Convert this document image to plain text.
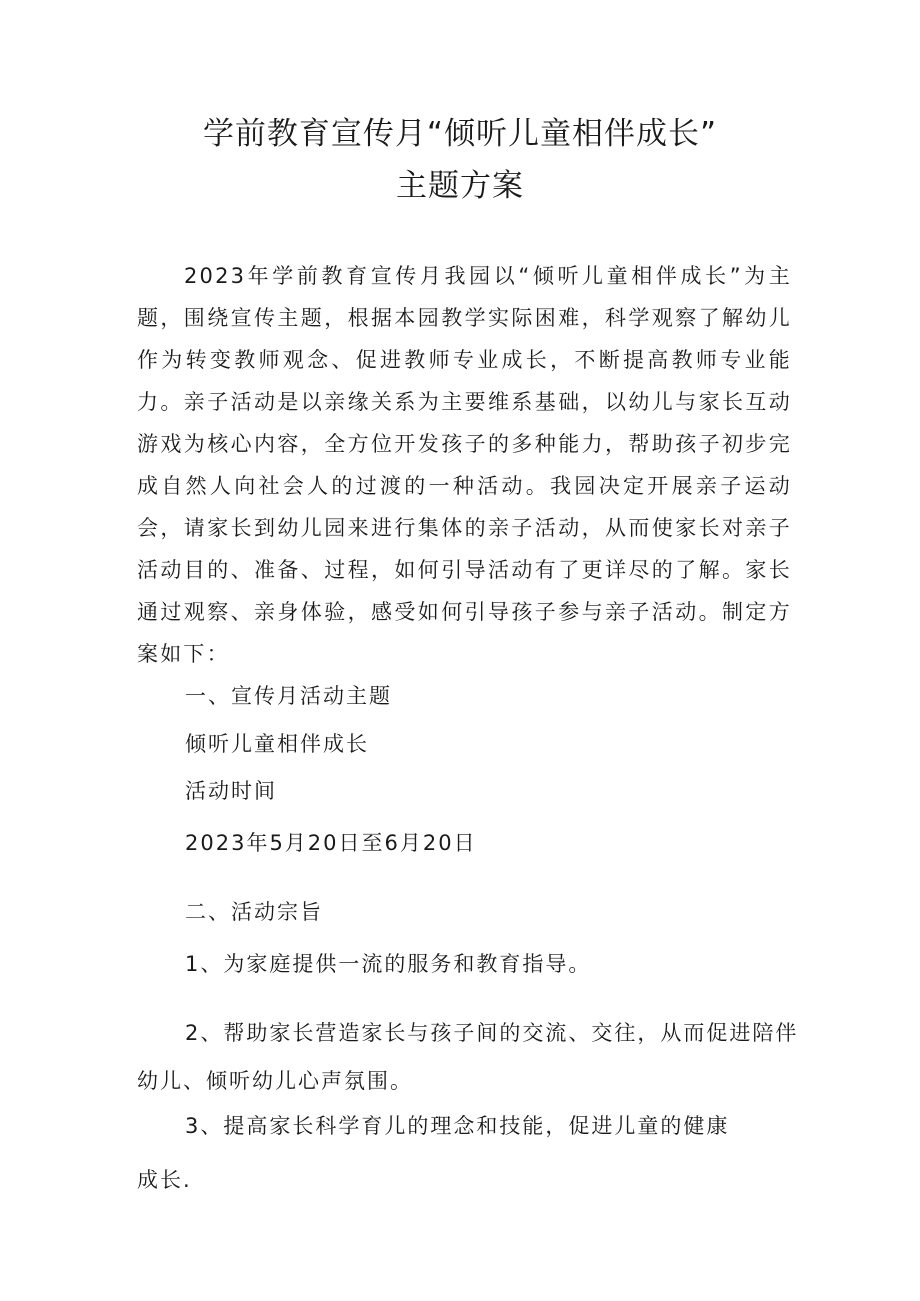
学前教育宣传月“倾听儿童相伴成长”
主题方案
2023年学前教育宣传月我园以“倾听儿童相伴成长”为主题，围绕宣传主题，根据本园教学实际困难，科学观察了解幼儿作为转变教师观念、促进教师专业成长，不断提高教师专业能力。亲子活动是以亲缘关系为主要维系基础，以幼儿与家长互动游戏为核心内容，全方位开发孩子的多种能力，帮助孩子初步完成自然人向社会人的过渡的一种活动。我园决定开展亲子运动会，请家长到幼儿园来进行集体的亲子活动，从而使家长对亲子活动目的、准备、过程，如何引导活动有了更详尽的了解。家长通过观察、亲身体验，感受如何引导孩子参与亲子活动。制定方案如下：
一、宣传月活动主题
倾听儿童相伴成长
活动时间
2023年5月20日至6月20日
二、活动宗旨
1、为家庭提供一流的服务和教育指导。
2、帮助家长营造家长与孩子间的交流、交往，从而促进陪伴
幼儿、倾听幼儿心声氛围。
3、提高家长科学育儿的理念和技能，促进儿童的健康
成长.
